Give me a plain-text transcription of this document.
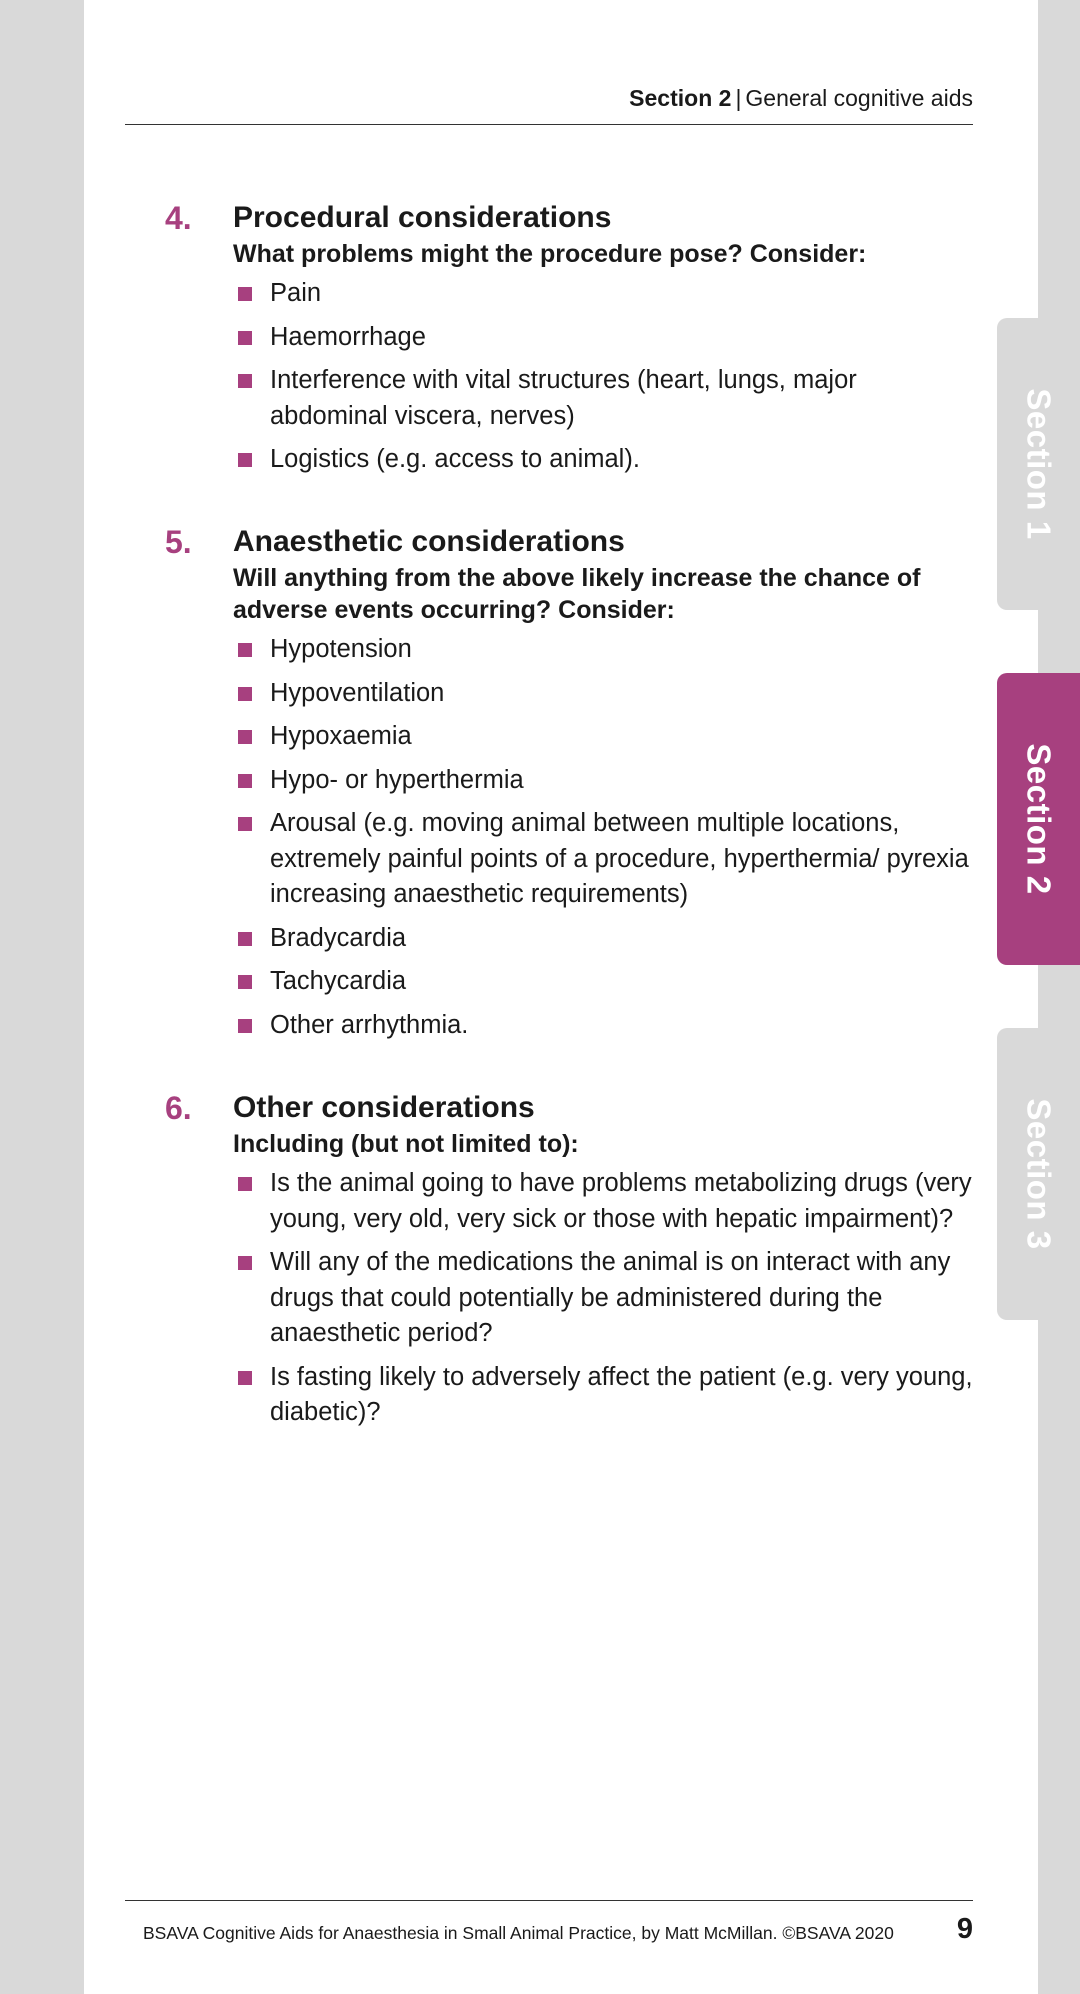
Section 2 | General cognitive aids
4. Procedural considerations

What problems might the procedure pose? Consider:

Pain
Haemorrhage
Interference with vital structures (heart, lungs, major abdominal viscera, nerves)
Logistics (e.g. access to animal).
5. Anaesthetic considerations

Will anything from the above likely increase the chance of adverse events occurring? Consider:

Hypotension
Hypoventilation
Hypoxaemia
Hypo- or hyperthermia
Arousal (e.g. moving animal between multiple locations, extremely painful points of a procedure, hyperthermia/ pyrexia increasing anaesthetic requirements)
Bradycardia
Tachycardia
Other arrhythmia.
6. Other considerations

Including (but not limited to):

Is the animal going to have problems metabolizing drugs (very young, very old, very sick or those with hepatic impairment)?
Will any of the medications the animal is on interact with any drugs that could potentially be administered during the anaesthetic period?
Is fasting likely to adversely affect the patient (e.g. very young, diabetic)?
Section 1
Section 2
Section 3
BSAVA Cognitive Aids for Anaesthesia in Small Animal Practice, by Matt McMillan. ©BSAVA 2020 9
